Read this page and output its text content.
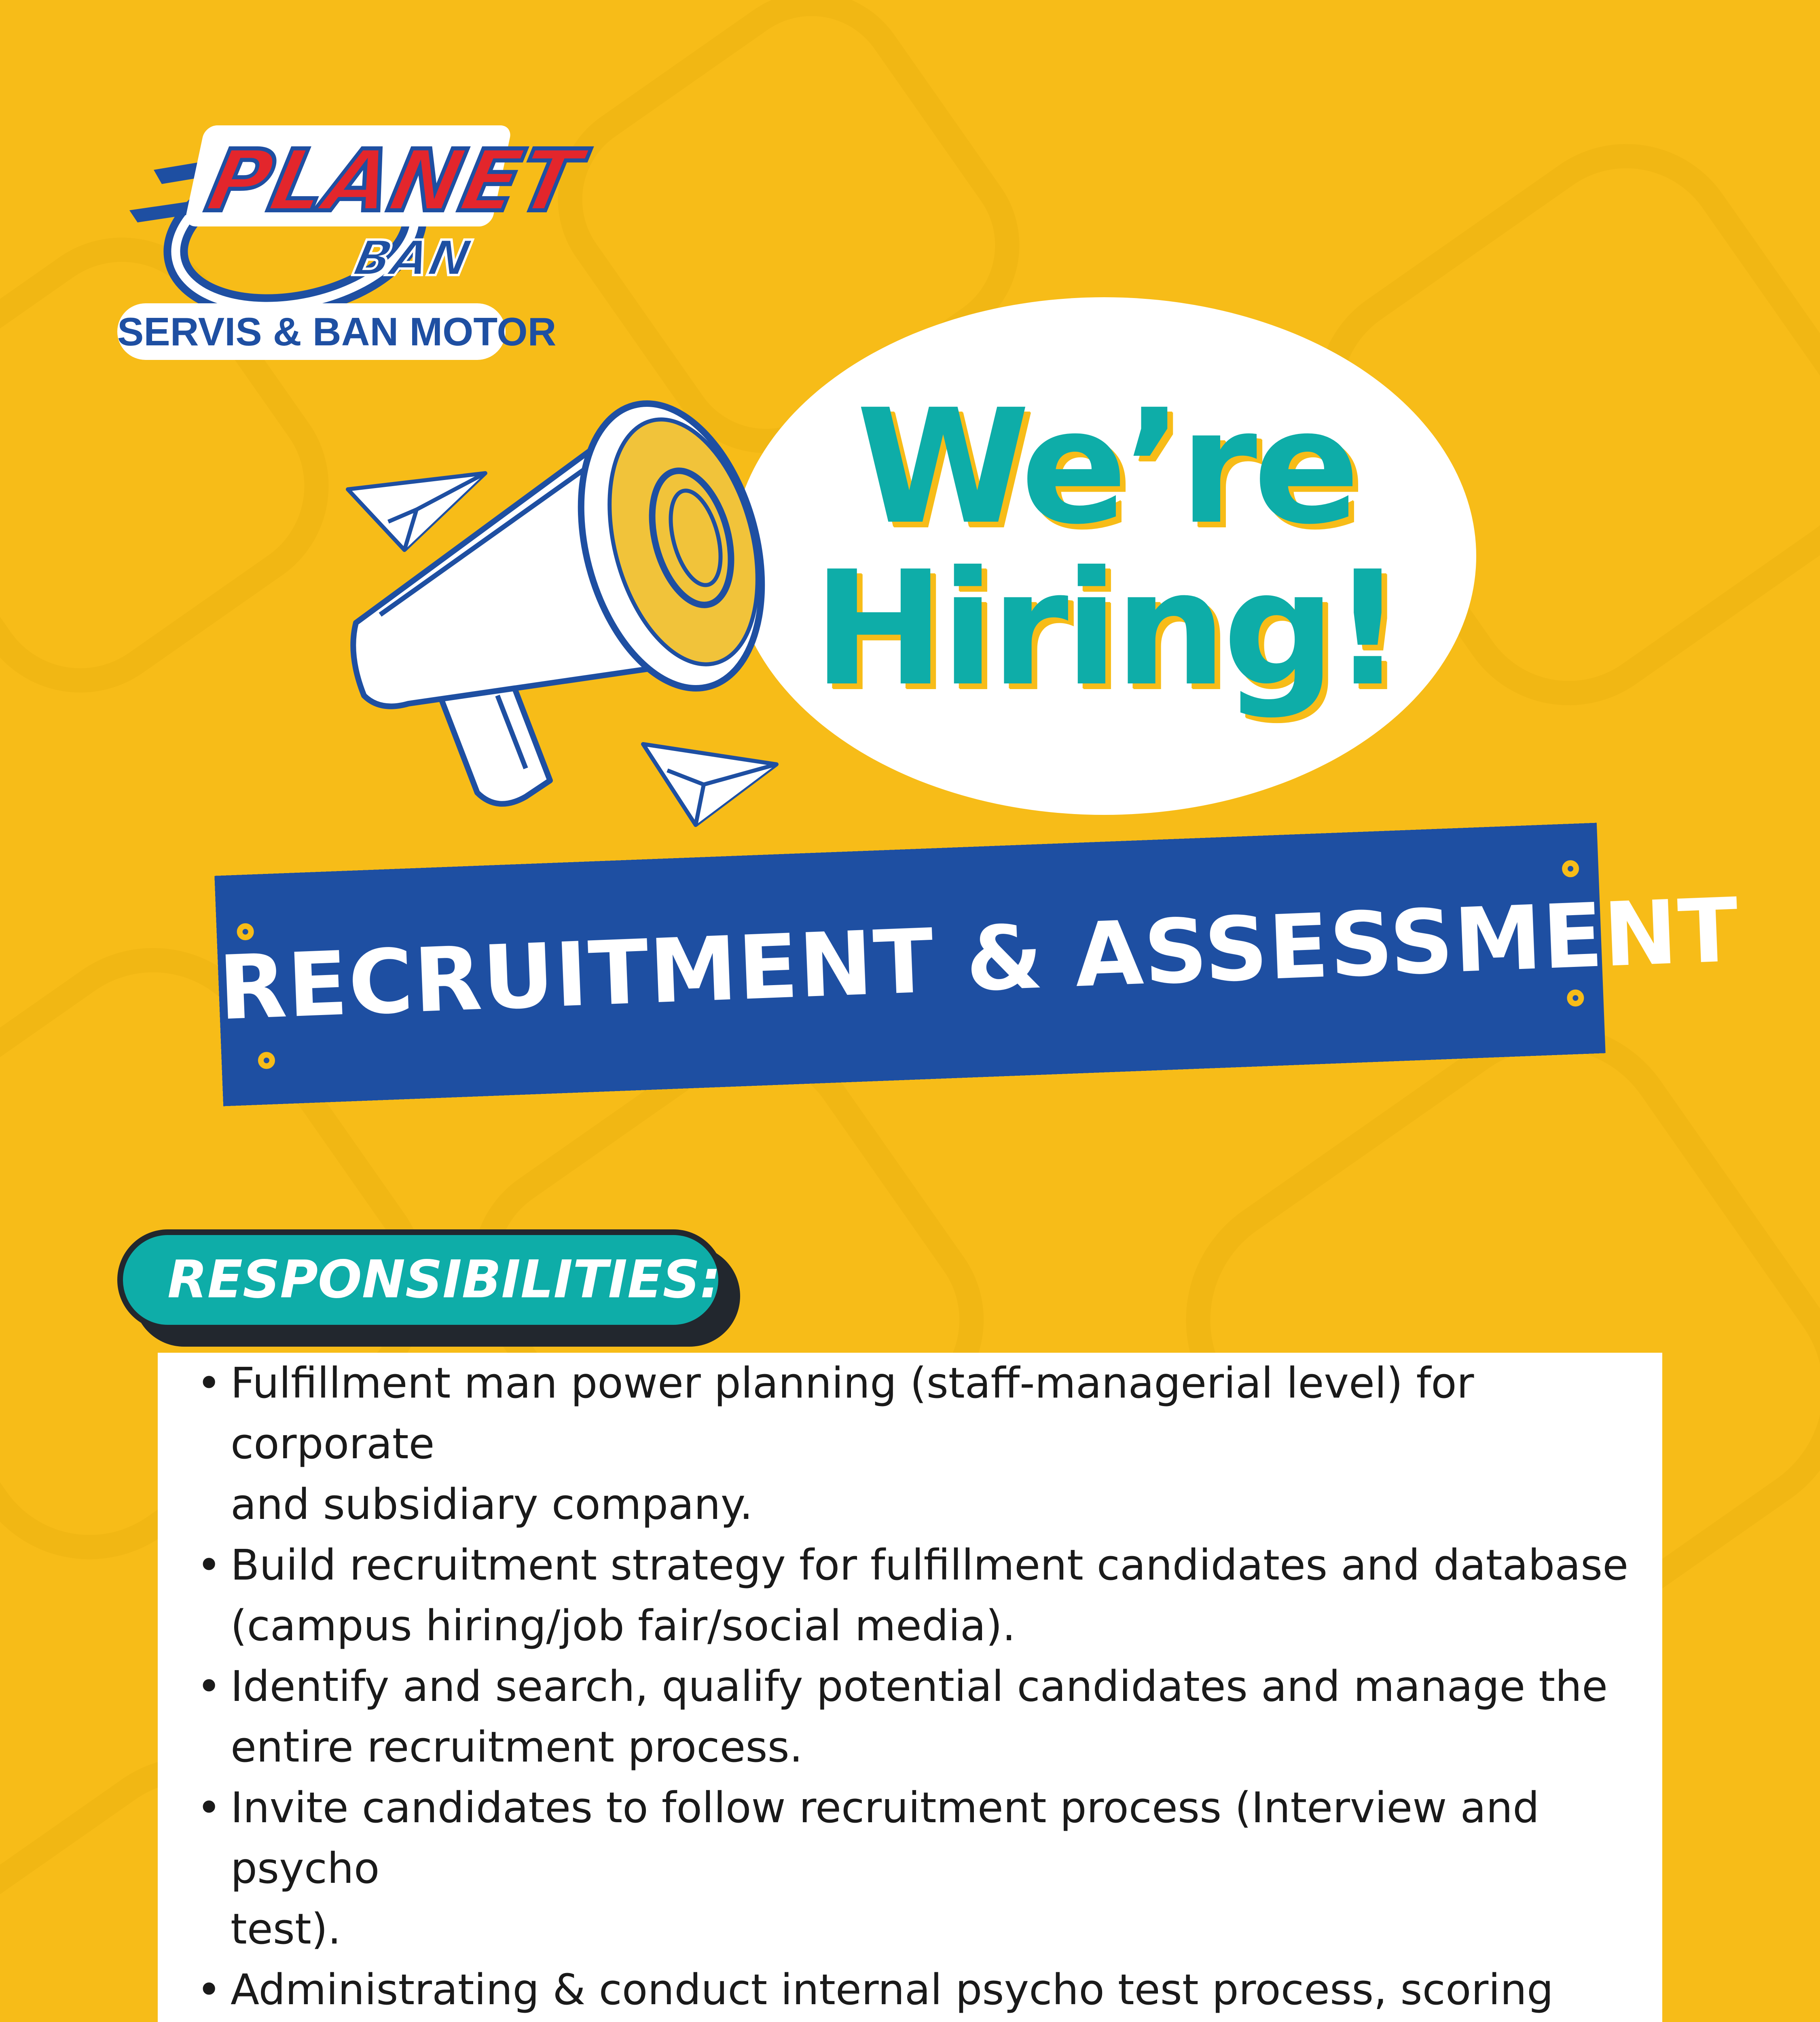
PLANET
BAN
SERVIS & BAN MOTOR
We’re
Hiring!
RECRUITMENT & ASSESSMENT
RESPONSIBILITIES:
• Fulfillment man power planning (staff-managerial level) for corporate
and subsidiary company.
• Build recruitment strategy for fulfillment candidates and database
(campus hiring/job fair/social media).
• Identify and search, qualify potential candidates and manage the
entire recruitment process.
• Invite candidates to follow recruitment process (Interview and psycho
test).
• Administrating & conduct internal psycho test process, scoring
